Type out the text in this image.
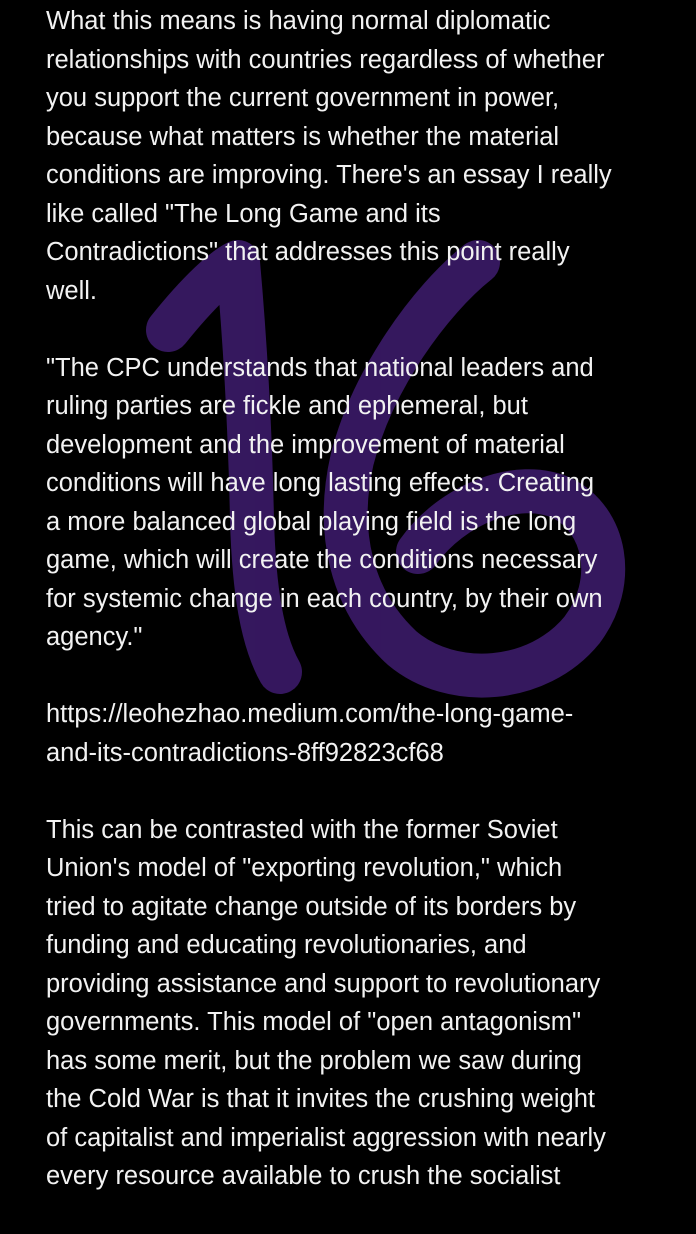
What this means is having normal diplomatic
relationships with countries regardless of whether
you support the current government in power,
because what matters is whether the material
conditions are improving. There's an essay I really
like called "The Long Game and its
Contradictions" that addresses this point really
well.

"The CPC understands that national leaders and
ruling parties are fickle and ephemeral, but
development and the improvement of material
conditions will have long lasting effects. Creating
a more balanced global playing field is the long
game, which will create the conditions necessary
for systemic change in each country, by their own
agency."

https://leohezhao.medium.com/the-long-game-
and-its-contradictions-8ff92823cf68

This can be contrasted with the former Soviet
Union's model of "exporting revolution," which
tried to agitate change outside of its borders by
funding and educating revolutionaries, and
providing assistance and support to revolutionary
governments. This model of "open antagonism"
has some merit, but the problem we saw during
the Cold War is that it invites the crushing weight
of capitalist and imperialist aggression with nearly
every resource available to crush the socialist
